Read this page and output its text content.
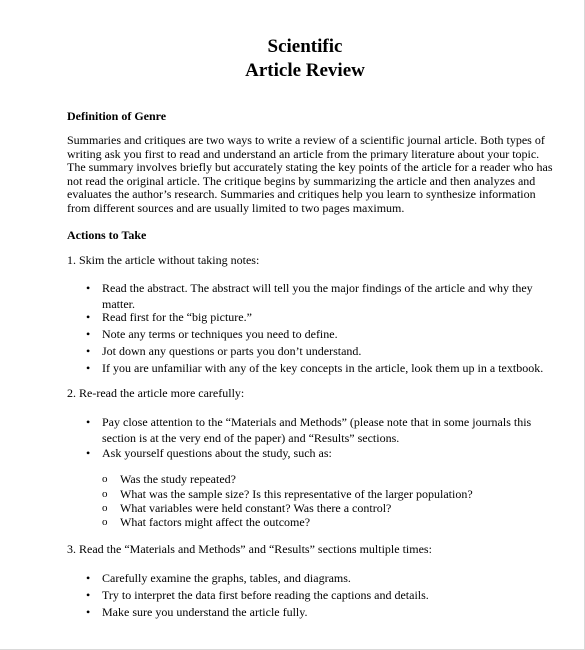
Scientific
Article Review
Definition of Genre
Summaries and critiques are two ways to write a review of a scientific journal article. Both types of
writing ask you first to read and understand an article from the primary literature about your topic.
The summary involves briefly but accurately stating the key points of the article for a reader who has
not read the original article. The critique begins by summarizing the article and then analyzes and
evaluates the author’s research. Summaries and critiques help you learn to synthesize information
from different sources and are usually limited to two pages maximum.
Actions to Take
1. Skim the article without taking notes:
• Read the abstract. The abstract will tell you the major findings of the article and why they
matter.
• Read first for the “big picture.”
• Note any terms or techniques you need to define.
• Jot down any questions or parts you don’t understand.
• If you are unfamiliar with any of the key concepts in the article, look them up in a textbook.
2. Re-read the article more carefully:
• Pay close attention to the “Materials and Methods” (please note that in some journals this
section is at the very end of the paper) and “Results” sections.
• Ask yourself questions about the study, such as:
o Was the study repeated?
o What was the sample size? Is this representative of the larger population?
o What variables were held constant? Was there a control?
o What factors might affect the outcome?
3. Read the “Materials and Methods” and “Results” sections multiple times:
• Carefully examine the graphs, tables, and diagrams.
• Try to interpret the data first before reading the captions and details.
• Make sure you understand the article fully.
